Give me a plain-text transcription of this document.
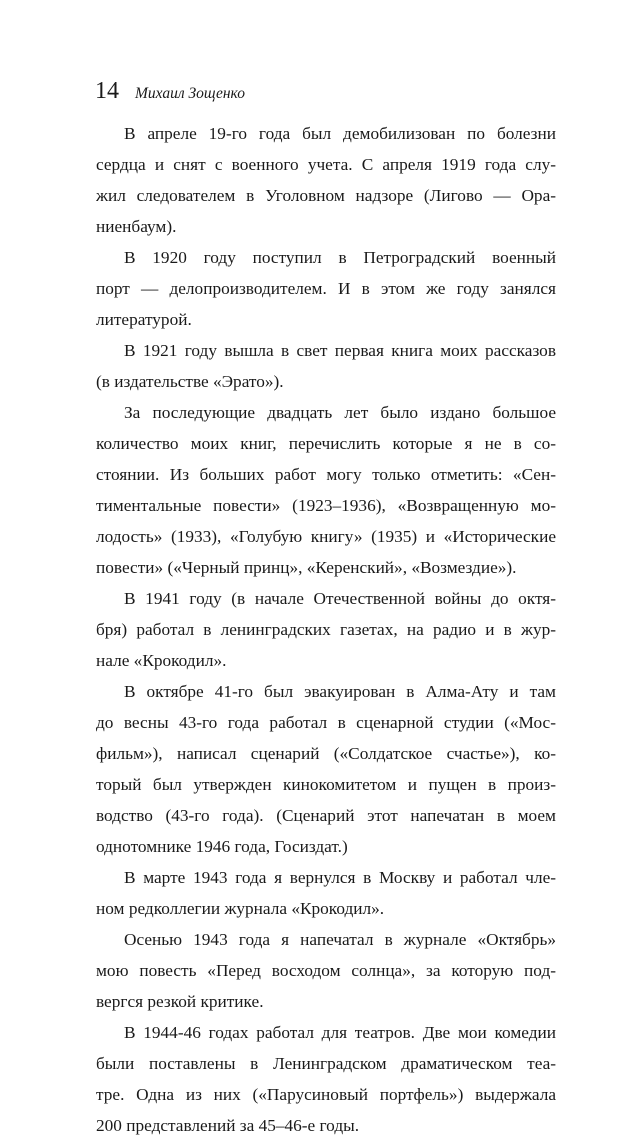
14 Михаил Зощенко
В апреле 19-го года был демобилизован по болезни
сердца и снят с военного учета. С апреля 1919 года слу-
жил следователем в Уголовном надзоре (Лигово — Ора-
ниенбаум).
В 1920 году поступил в Петроградский военный
порт — делопроизводителем. И в этом же году занялся
литературой.
В 1921 году вышла в свет первая книга моих рассказов
(в издательстве «Эрато»).
За последующие двадцать лет было издано большое
количество моих книг, перечислить которые я не в со-
стоянии. Из больших работ могу только отметить: «Сен-
тиментальные повести» (1923–1936), «Возвращенную мо-
лодость» (1933), «Голубую книгу» (1935) и «Исторические
повести» («Черный принц», «Керенский», «Возмездие»).
В 1941 году (в начале Отечественной войны до октя-
бря) работал в ленинградских газетах, на радио и в жур-
нале «Крокодил».
В октябре 41-го был эвакуирован в Алма-Ату и там
до весны 43-го года работал в сценарной студии («Мос-
фильм»), написал сценарий («Солдатское счастье»), ко-
торый был утвержден кинокомитетом и пущен в произ-
водство (43-го года). (Сценарий этот напечатан в моем
однотомнике 1946 года, Госиздат.)
В марте 1943 года я вернулся в Москву и работал чле-
ном редколлегии журнала «Крокодил».
Осенью 1943 года я напечатал в журнале «Октябрь»
мою повесть «Перед восходом солнца», за которую под-
вергся резкой критике.
В 1944-46 годах работал для театров. Две мои комедии
были поставлены в Ленинградском драматическом теа-
тре. Одна из них («Парусиновый портфель») выдержала
200 представлений за 45–46-е годы.
